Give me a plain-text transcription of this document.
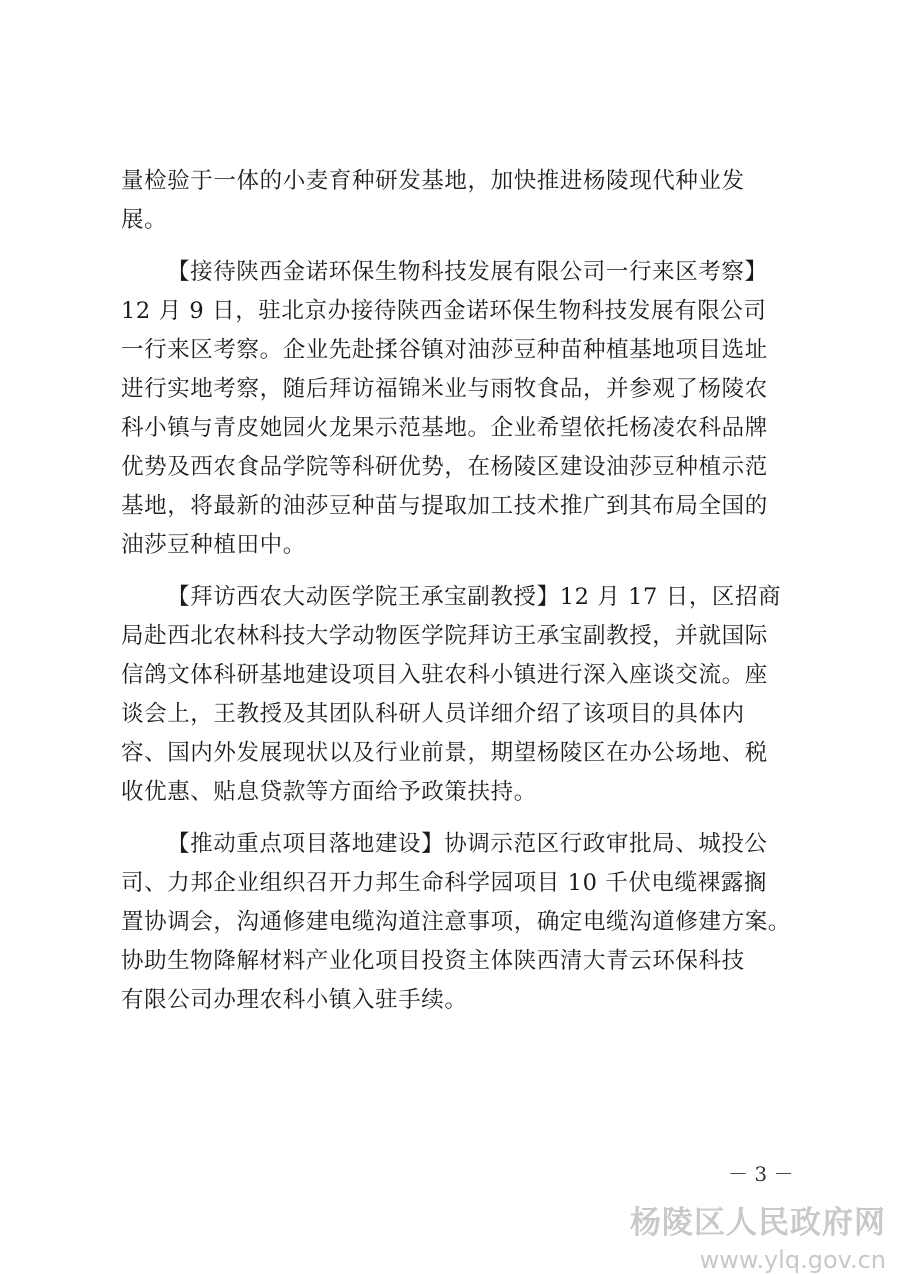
量检验于一体的小麦育种研发基地，加快推进杨陵现代种业发
展。
【接待陕西金诺环保生物科技发展有限公司一行来区考察】
12 月 9 日，驻北京办接待陕西金诺环保生物科技发展有限公司
一行来区考察。企业先赴揉谷镇对油莎豆种苗种植基地项目选址
进行实地考察，随后拜访福锦米业与雨牧食品，并参观了杨陵农
科小镇与青皮她园火龙果示范基地。企业希望依托杨凌农科品牌
优势及西农食品学院等科研优势，在杨陵区建设油莎豆种植示范
基地，将最新的油莎豆种苗与提取加工技术推广到其布局全国的
油莎豆种植田中。
【拜访西农大动医学院王承宝副教授】12 月 17 日，区招商
局赴西北农林科技大学动物医学院拜访王承宝副教授，并就国际
信鸽文体科研基地建设项目入驻农科小镇进行深入座谈交流。座
谈会上，王教授及其团队科研人员详细介绍了该项目的具体内
容、国内外发展现状以及行业前景，期望杨陵区在办公场地、税
收优惠、贴息贷款等方面给予政策扶持。
【推动重点项目落地建设】协调示范区行政审批局、城投公
司、力邦企业组织召开力邦生命科学园项目 10 千伏电缆裸露搁
置协调会，沟通修建电缆沟道注意事项，确定电缆沟道修建方案。
协助生物降解材料产业化项目投资主体陕西清大青云环保科技
有限公司办理农科小镇入驻手续。
－ 3 －
杨陵区人民政府网
www.ylq.gov.cn
